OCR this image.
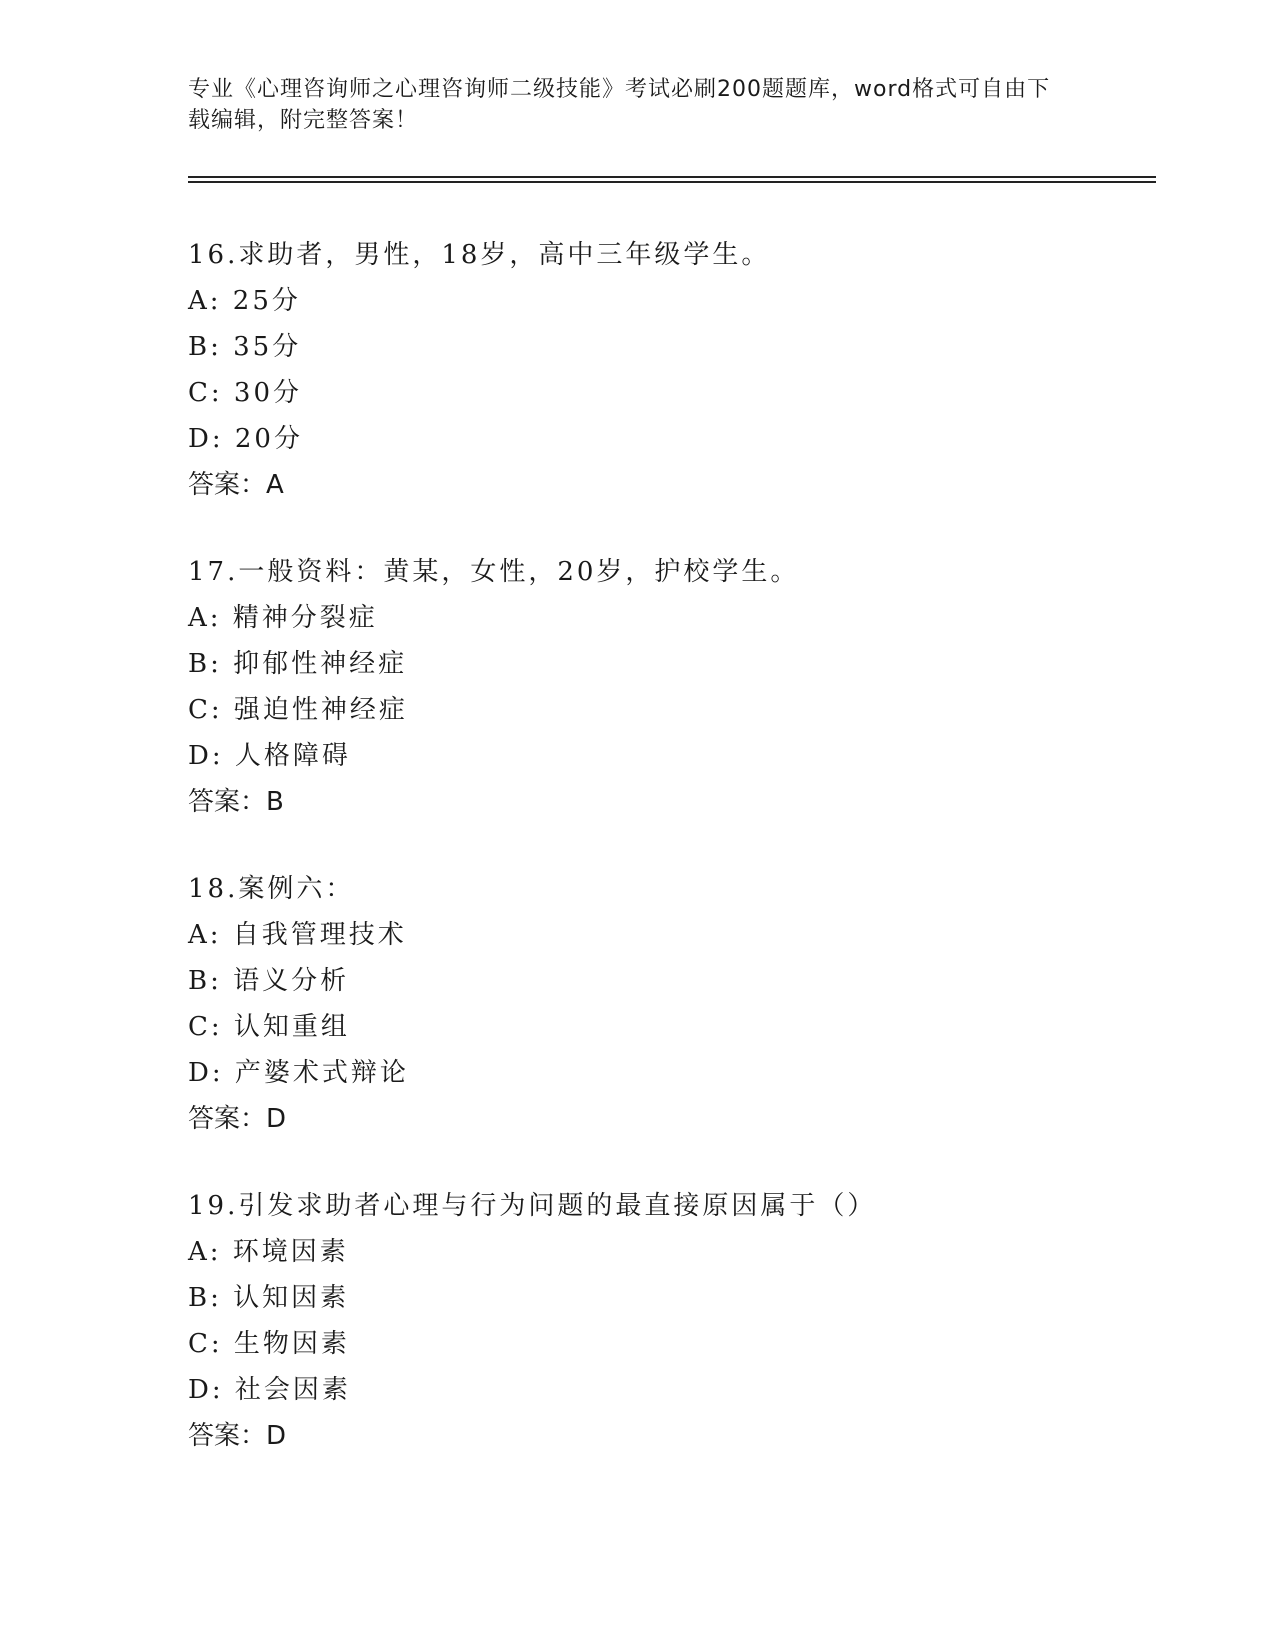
专业《心理咨询师之心理咨询师二级技能》考试必刷200题题库，word格式可自由下载编辑，附完整答案！

16.求助者，男性，18岁，高中三年级学生。
A: 25分
B: 35分
C: 30分
D: 20分
答案：A
17.一般资料：黄某，女性，20岁，护校学生。
A: 精神分裂症
B: 抑郁性神经症
C: 强迫性神经症
D: 人格障碍
答案：B
18.案例六：
A: 自我管理技术
B: 语义分析
C: 认知重组
D: 产婆术式辩论
答案：D
19.引发求助者心理与行为问题的最直接原因属于（）
A: 环境因素
B: 认知因素
C: 生物因素
D: 社会因素
答案：D
